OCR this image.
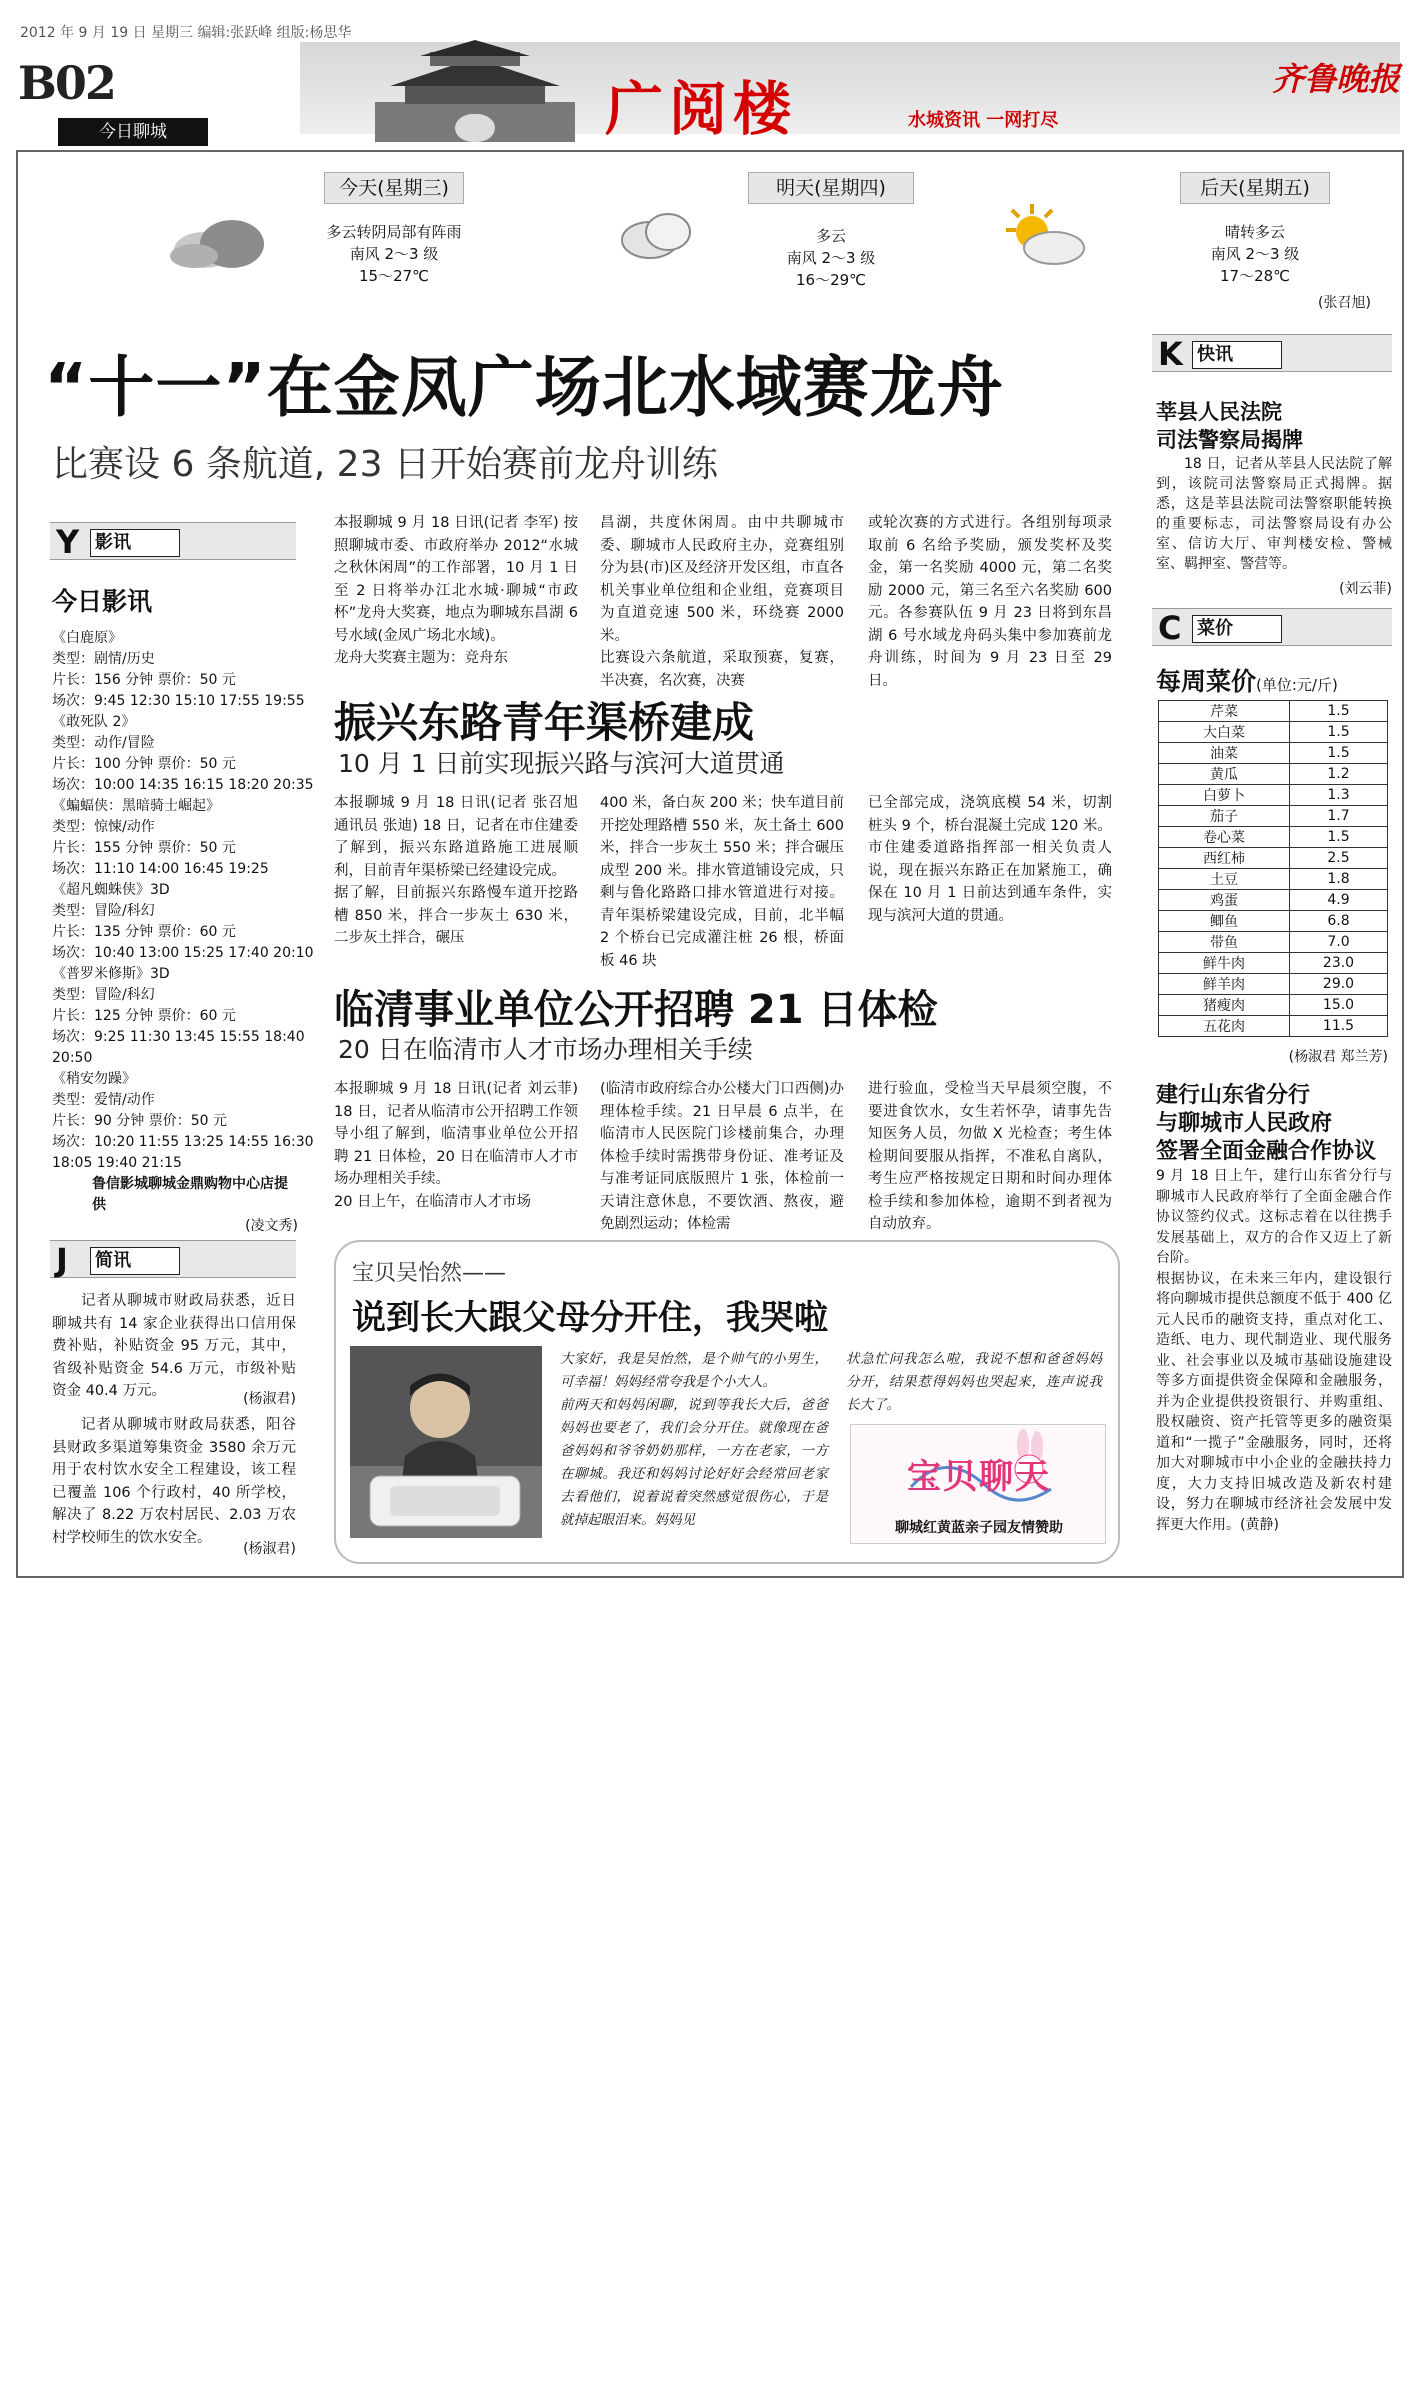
2012 年 9 月 19 日 星期三 编辑:张跃峰 组版:杨思华
B02
今日聊城	广阅楼	水城资讯 一网打尽
齐鲁晚报
今天(星期三)
多云转阴局部有阵雨
南风 2～3 级
15～27℃
明天(星期四)
多云
南风 2～3 级
16～29℃
后天(星期五)
晴转多云
南风 2～3 级
17～28℃
(张召旭)
“十一”在金凤广场北水域赛龙舟
比赛设 6 条航道, 23 日开始赛前龙舟训练
本报聊城 9 月 18 日讯(记者 李军) 按照聊城市委、市政府举办 2012“水城之秋休闲周”的工作部署，10 月 1 日至 2 日将举办江北水城·聊城“市政杯”龙舟大奖赛，地点为聊城东昌湖 6 号水域(金凤广场北水域)。
龙舟大奖赛主题为：竞舟东
昌湖，共度休闲周。由中共聊城市委、聊城市人民政府主办，竞赛组别分为县(市)区及经济开发区组，市直各机关事业单位组和企业组，竞赛项目为直道竞速 500 米，环绕赛 2000 米。
比赛设六条航道，采取预赛，复赛，半决赛，名次赛，决赛
或轮次赛的方式进行。各组别每项录取前 6 名给予奖励，颁发奖杯及奖金，第一名奖励 4000 元，第二名奖励 2000 元，第三名至六名奖励 600 元。各参赛队伍 9 月 23 日将到东昌湖 6 号水域龙舟码头集中参加赛前龙舟训练，时间为 9 月 23 日至 29 日。
振兴东路青年渠桥建成
10 月 1 日前实现振兴路与滨河大道贯通
本报聊城 9 月 18 日讯(记者 张召旭 通讯员 张迪) 18 日，记者在市住建委了解到，振兴东路道路施工进展顺利，目前青年渠桥梁已经建设完成。
据了解，目前振兴东路慢车道开挖路槽 850 米，拌合一步灰土 630 米，二步灰土拌合，碾压
400 米，备白灰 200 米；快车道目前开挖处理路槽 550 米，灰土备土 600 米，拌合一步灰土 550 米；拌合碾压成型 200 米。排水管道铺设完成，只剩与鲁化路路口排水管道进行对接。青年渠桥梁建设完成，目前，北半幅 2 个桥台已完成灌注桩 26 根，桥面板 46 块
已全部完成，浇筑底模 54 米，切割桩头 9 个，桥台混凝土完成 120 米。
市住建委道路指挥部一相关负责人说，现在振兴东路正在加紧施工，确保在 10 月 1 日前达到通车条件，实现与滨河大道的贯通。
临清事业单位公开招聘 21 日体检
20 日在临清市人才市场办理相关手续
本报聊城 9 月 18 日讯(记者 刘云菲) 18 日，记者从临清市公开招聘工作领导小组了解到，临清事业单位公开招聘 21 日体检，20 日在临清市人才市场办理相关手续。
20 日上午，在临清市人才市场
(临清市政府综合办公楼大门口西侧)办理体检手续。21 日早晨 6 点半，在临清市人民医院门诊楼前集合，办理体检手续时需携带身份证、准考证及与准考证同底版照片 1 张，体检前一天请注意休息，不要饮酒、熬夜，避免剧烈运动；体检需
进行验血，受检当天早晨须空腹，不要进食饮水，女生若怀孕，请事先告知医务人员，勿做 X 光检查；考生体检期间要服从指挥，不准私自离队，考生应严格按规定日期和时间办理体检手续和参加体检，逾期不到者视为自动放弃。
宝贝吴怡然——
说到长大跟父母分开住，我哭啦
大家好，我是吴怡然，是个帅气的小男生，可幸福！妈妈经常夸我是个小大人。
前两天和妈妈闲聊，说到等我长大后，爸爸妈妈也要老了，我们会分开住。就像现在爸爸妈妈和爷爷奶奶那样，一方在老家，一方在聊城。我还和妈妈讨论好好会经常回老家去看他们，说着说着突然感觉很伤心，于是就掉起眼泪来。妈妈见
状急忙问我怎么啦，我说不想和爸爸妈妈分开，结果惹得妈妈也哭起来，连声说我长大了。
宝贝聊天
聊城红黄蓝亲子园友情赞助
Y 影讯
今日影讯
《白鹿原》
类型：剧情/历史
片长：156 分钟 票价：50 元
场次：9:45 12:30 15:10 17:55 19:55
《敢死队 2》
类型：动作/冒险
片长：100 分钟 票价：50 元
场次：10:00 14:35 16:15 18:20 20:35
《蝙蝠侠：黑暗骑士崛起》
类型：惊悚/动作
片长：155 分钟 票价：50 元
场次：11:10 14:00 16:45 19:25
《超凡蜘蛛侠》3D
类型：冒险/科幻
片长：135 分钟 票价：60 元
场次：10:40 13:00 15:25 17:40 20:10
《普罗米修斯》3D
类型：冒险/科幻
片长：125 分钟 票价：60 元
场次：9:25 11:30 13:45 15:55 18:40
20:50
《稍安勿躁》
类型：爱情/动作
片长：90 分钟 票价：50 元
场次：10:20 11:55 13:25 14:55 16:30
18:05 19:40 21:15
鲁信影城聊城金鼎购物中心店提供
(凌文秀)
J 简讯
记者从聊城市财政局获悉，近日聊城共有 14 家企业获得出口信用保费补贴，补贴资金 95 万元，其中，省级补贴资金 54.6 万元，市级补贴资金 40.4 万元。	(杨淑君)
记者从聊城市财政局获悉，阳谷县财政多渠道筹集资金 3580 余万元用于农村饮水安全工程建设，该工程已覆盖 106 个行政村，40 所学校，解决了 8.22 万农村居民、2.03 万农村学校师生的饮水安全。
(杨淑君)
K 快讯
莘县人民法院
司法警察局揭牌
18 日，记者从莘县人民法院了解到，该院司法警察局正式揭牌。据悉，这是莘县法院司法警察职能转换的重要标志，司法警察局设有办公室、信访大厅、审判楼安检、警械室、羁押室、警营等。
(刘云菲)
C 菜价
每周菜价(单位:元/斤)
芹菜	1.5
大白菜	1.5
油菜	1.5
黄瓜	1.2
白萝卜	1.3
茄子	1.7
卷心菜	1.5
西红柿	2.5
土豆	1.8
鸡蛋	4.9
鲫鱼	6.8
带鱼	7.0
鲜牛肉	23.0
鲜羊肉	29.0
猪瘦肉	15.0
五花肉	11.5
(杨淑君 郑兰芳)
建行山东省分行
与聊城市人民政府
签署全面金融合作协议
9 月 18 日上午，建行山东省分行与聊城市人民政府举行了全面金融合作协议签约仪式。这标志着在以往携手发展基础上，双方的合作又迈上了新台阶。
根据协议，在未来三年内，建设银行将向聊城市提供总额度不低于 400 亿元人民币的融资支持，重点对化工、造纸、电力、现代制造业、现代服务业、社会事业以及城市基础设施建设等多方面提供资金保障和金融服务，并为企业提供投资银行、并购重组、股权融资、资产托管等更多的融资渠道和“一揽子”金融服务，同时，还将加大对聊城市中小企业的金融扶持力度，大力支持旧城改造及新农村建设，努力在聊城市经济社会发展中发挥更大作用。(黄静)
